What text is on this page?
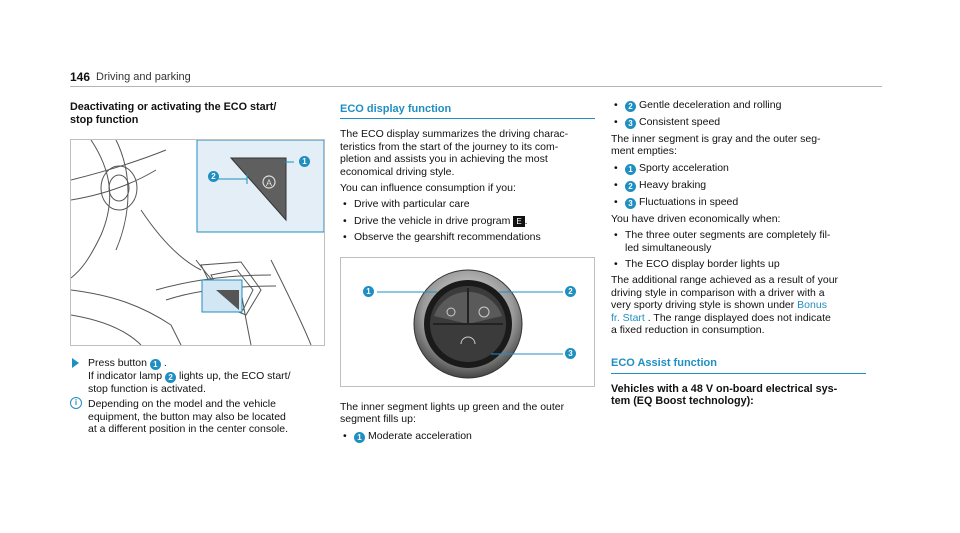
146 Driving and parking
Deactivating or activating the ECO start/
stop function
A
2
1
Press button 1 .
If indicator lamp 2 lights up, the ECO start/
stop function is activated.
i	Depending on the model and the vehicle
equipment, the button may also be located
at a different position in the center console.
ECO display function
The ECO display summarizes the driving charac-
teristics from the start of the journey to its com-
pletion and assists you in achieving the most
economical driving style.
You can influence consumption if you:
• Drive with particular care
• Drive the vehicle in drive program E .
• Observe the gearshift recommendations
1	2
3
The inner segment lights up green and the outer
segment fills up:
• 1 Moderate acceleration
• 2 Gentle deceleration and rolling
• 3 Consistent speed
The inner segment is gray and the outer seg-
ment empties:
• 1 Sporty acceleration
• 2 Heavy braking
• 3 Fluctuations in speed
You have driven economically when:
• The three outer segments are completely fil-
led simultaneously
• The ECO display border lights up
The additional range achieved as a result of your
driving style in comparison with a driver with a
very sporty driving style is shown under Bonus
fr. Start . The range displayed does not indicate
a fixed reduction in consumption.
ECO Assist function
Vehicles with a 48 V on-board electrical sys-
tem (EQ Boost technology):
